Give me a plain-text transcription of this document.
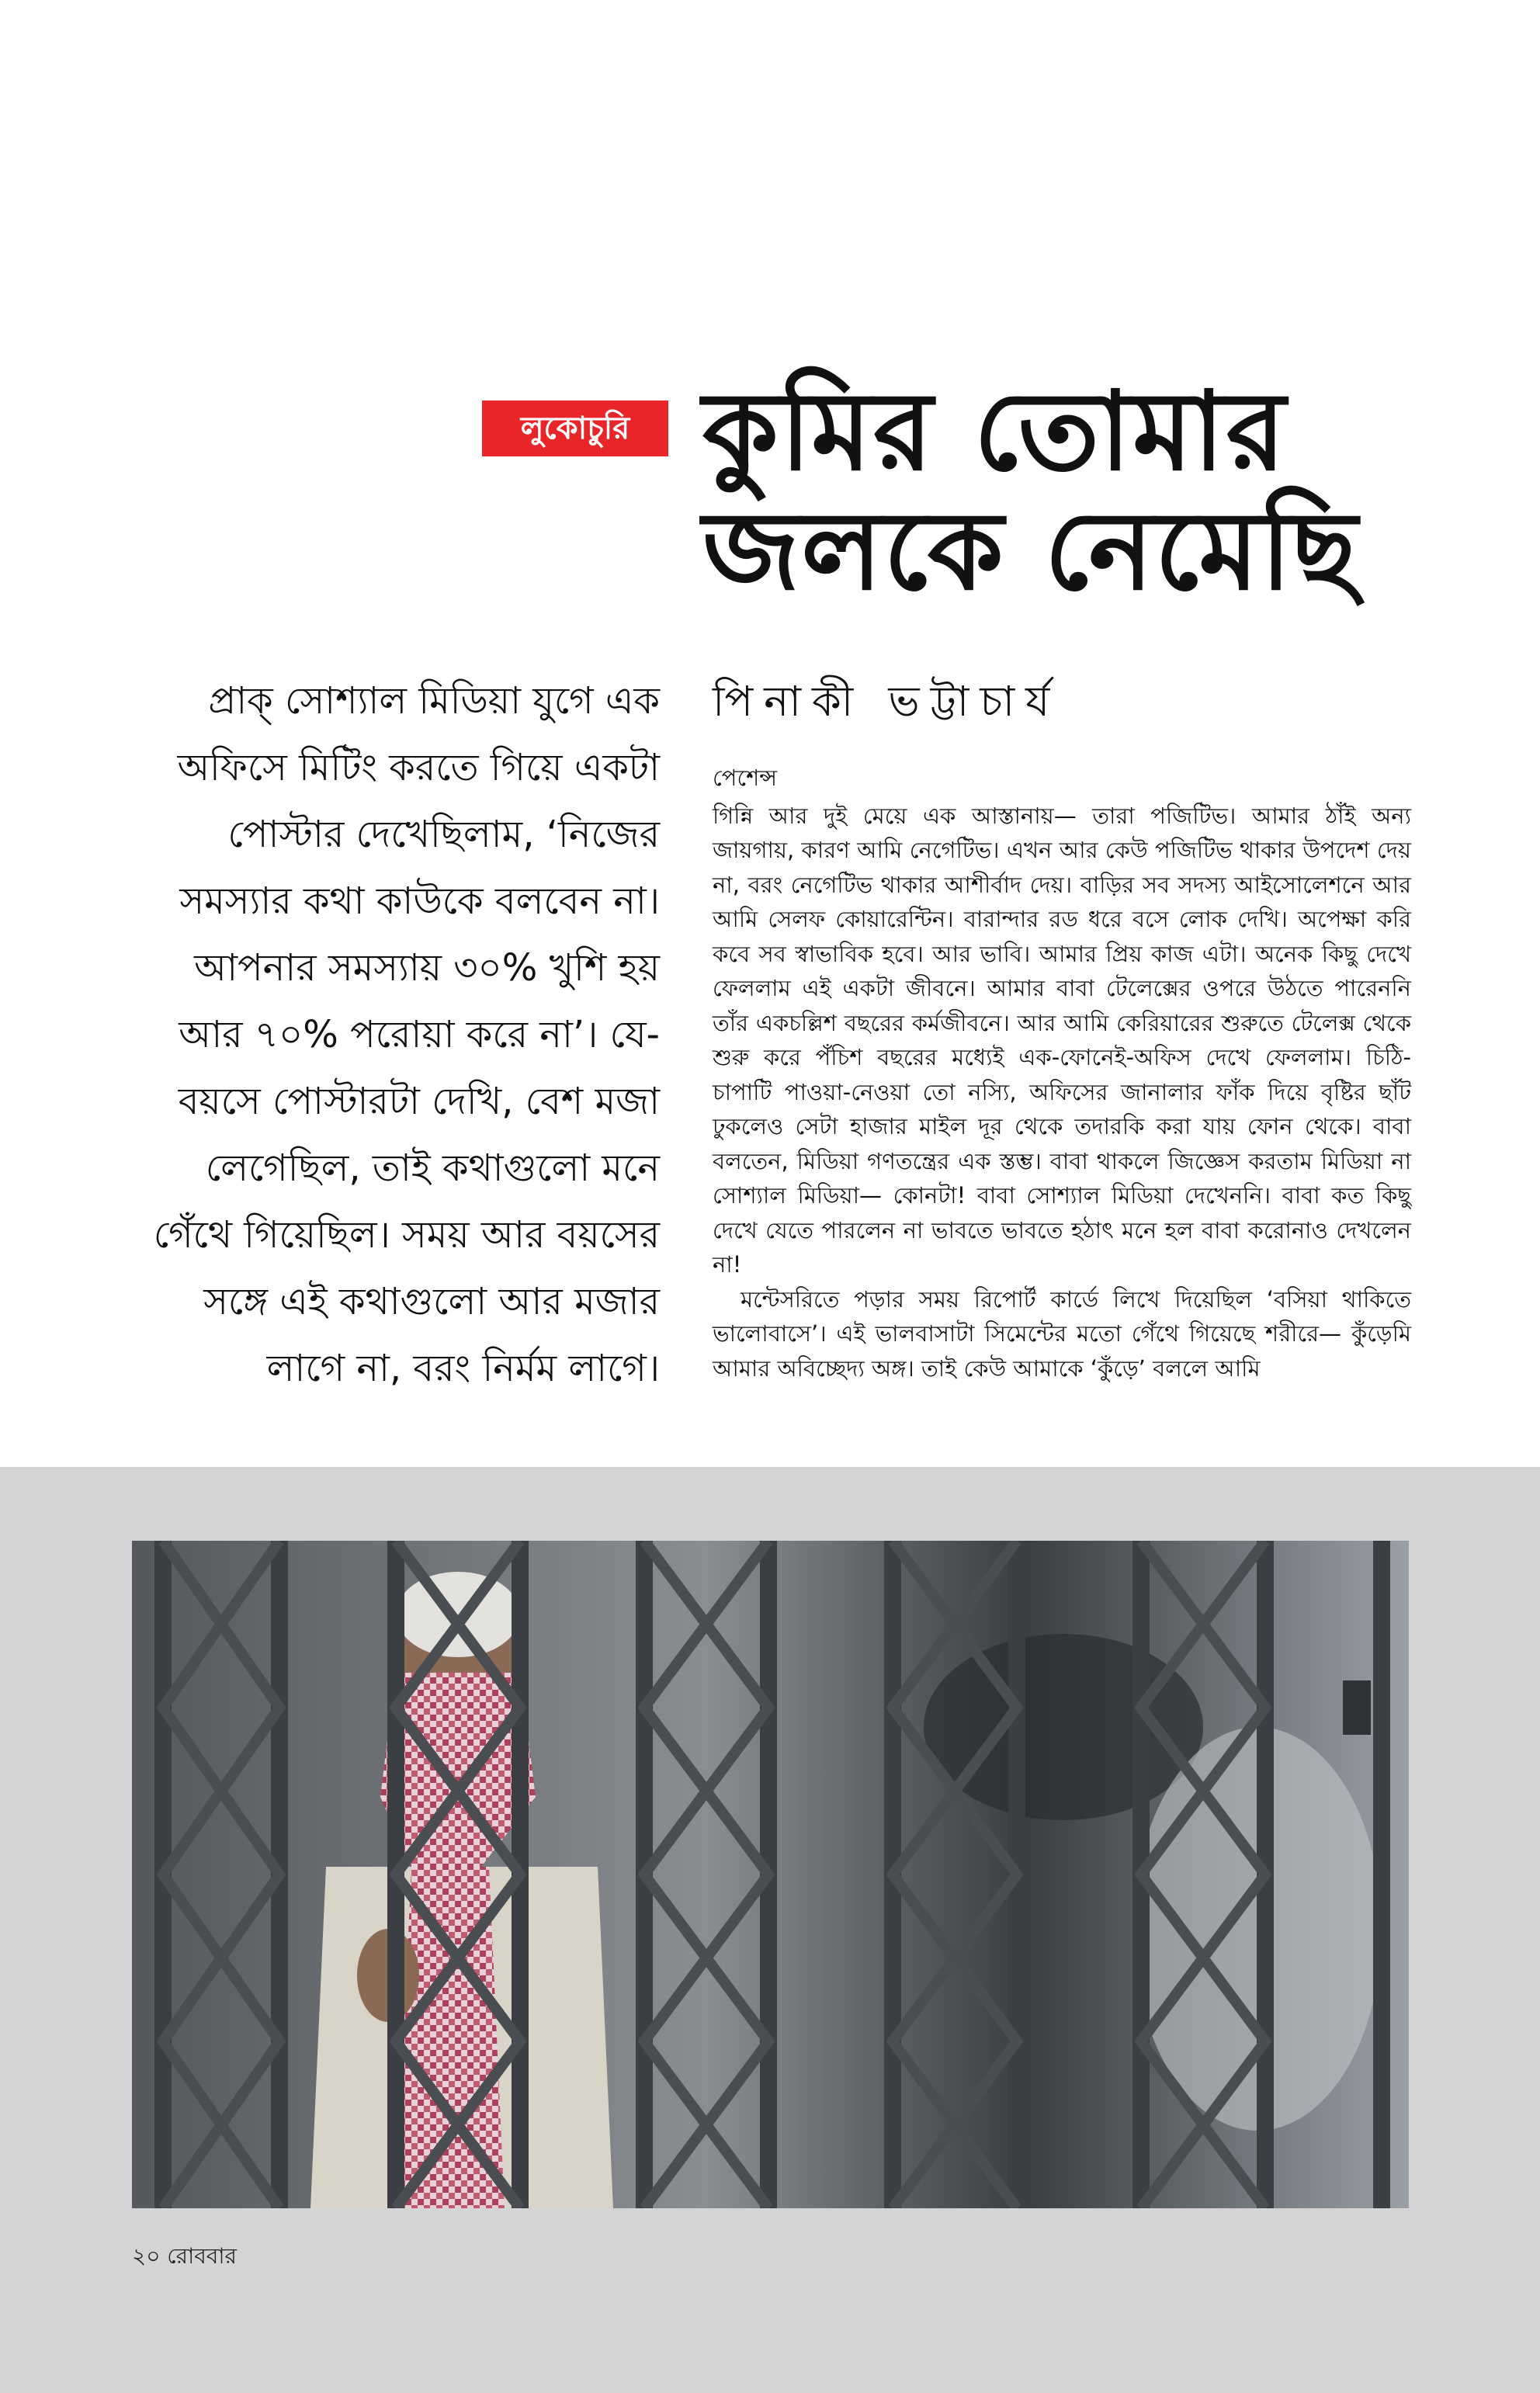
লুকোচুরি কুমির তোমার
জলকে নেমেছি

প্রাক্ সোশ্যাল মিডিয়া যুগে এক অফিসে মিটিং করতে গিয়ে একটা পোস্টার দেখেছিলাম, ‘নিজের সমস্যার কথা কাউকে বলবেন না। আপনার সমস্যায় ৩০% খুশি হয় আর ৭০% পরোয়া করে না’। যে-বয়সে পোস্টারটা দেখি, বেশ মজা লেগেছিল, তাই কথাগুলো মনে গেঁথে গিয়েছিল। সময় আর বয়সের সঙ্গে এই কথাগুলো আর মজার লাগে না, বরং নির্মম লাগে।

পিনাকী ভট্টাচার্য

পেশেন্স

গিন্নি আর দুই মেয়ে এক আস্তানায়— তারা পজিটিভ। আমার ঠাঁই অন্য জায়গায়, কারণ আমি নেগেটিভ। এখন আর কেউ পজিটিভ থাকার উপদেশ দেয় না, বরং নেগেটিভ থাকার আশীর্বাদ দেয়। বাড়ির সব সদস্য আইসোলেশনে আর আমি সেলফ কোয়ারেন্টিন। বারান্দার রড ধরে বসে লোক দেখি। অপেক্ষা করি কবে সব স্বাভাবিক হবে। আর ভাবি। আমার প্রিয় কাজ এটা। অনেক কিছু দেখে ফেললাম এই একটা জীবনে। আমার বাবা টেলেক্সের ওপরে উঠতে পারেননি তাঁর একচল্লিশ বছরের কর্মজীবনে। আর আমি কেরিয়ারের শুরুতে টেলেক্স থেকে শুরু করে পঁচিশ বছরের মধ্যেই এক-ফোনেই-অফিস দেখে ফেললাম। চিঠি-চাপাটি পাওয়া-নেওয়া তো নস্যি, অফিসের জানালার ফাঁক দিয়ে বৃষ্টির ছাঁট ঢুকলেও সেটা হাজার মাইল দূর থেকে তদারকি করা যায় ফোন থেকে। বাবা বলতেন, মিডিয়া গণতন্ত্রের এক স্তম্ভ। বাবা থাকলে জিজ্ঞেস করতাম মিডিয়া না সোশ্যাল মিডিয়া— কোনটা! বাবা সোশ্যাল মিডিয়া দেখেননি। বাবা কত কিছু দেখে যেতে পারলেন না ভাবতে ভাবতে হঠাৎ মনে হল বাবা করোনাও দেখলেন না!

মন্টেসরিতে পড়ার সময় রিপোর্ট কার্ডে লিখে দিয়েছিল ‘বসিয়া থাকিতে ভালোবাসে’। এই ভালবাসাটা সিমেন্টের মতো গেঁথে গিয়েছে শরীরে— কুঁড়েমি আমার অবিচ্ছেদ্য অঙ্গ। তাই কেউ আমাকে ‘কুঁড়ে’ বললে আমি

২০ রোববার
